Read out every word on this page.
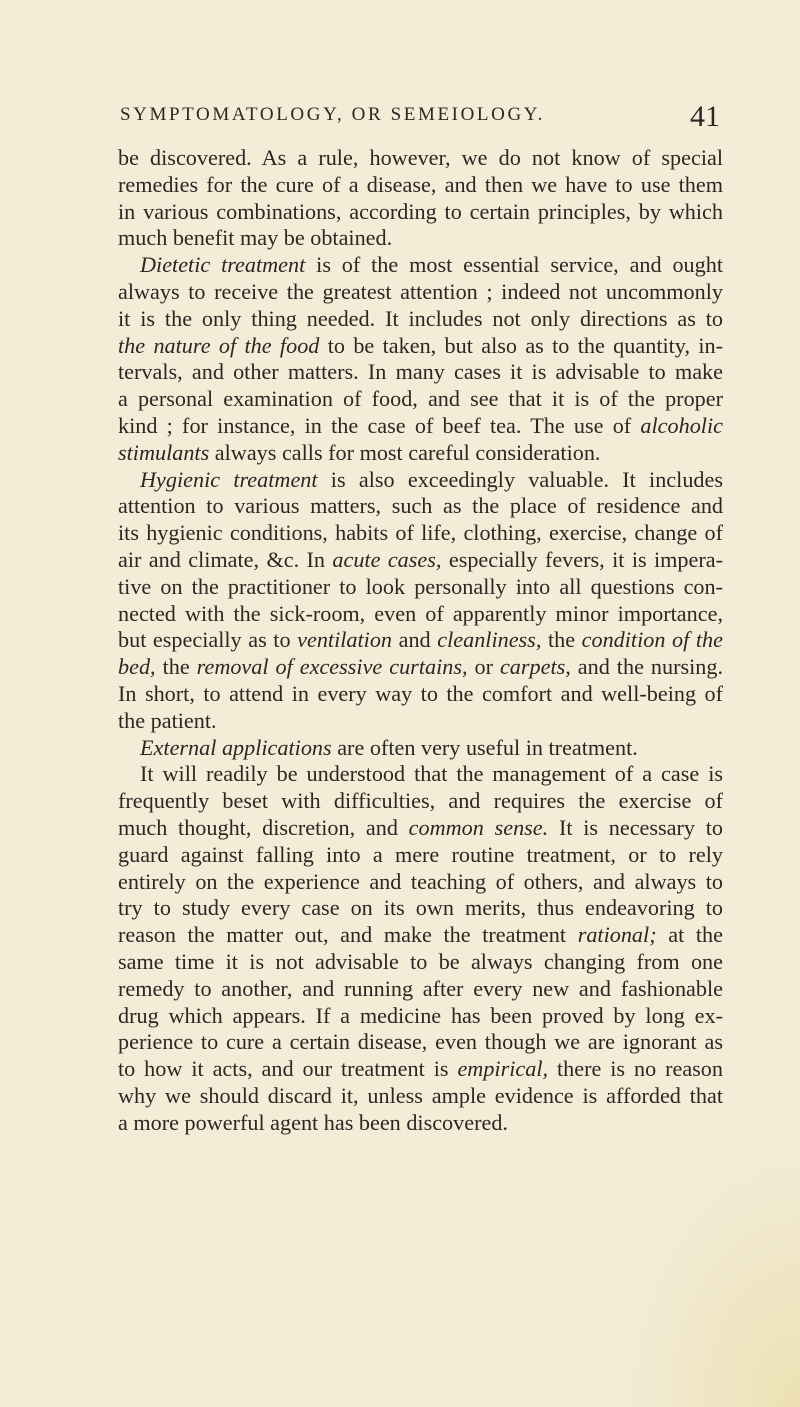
SYMPTOMATOLOGY, OR SEMEIOLOGY.	41
be discovered. As a rule, however, we do not know of special
remedies for the cure of a disease, and then we have to use them
in various combinations, according to certain principles, by which
much benefit may be obtained.
Dietetic treatment is of the most essential service, and ought
always to receive the greatest attention ; indeed not uncommonly
it is the only thing needed. It includes not only directions as to
the nature of the food to be taken, but also as to the quantity, in-
tervals, and other matters. In many cases it is advisable to make
a personal examination of food, and see that it is of the proper
kind ; for instance, in the case of beef tea. The use of alcoholic
stimulants always calls for most careful consideration.
Hygienic treatment is also exceedingly valuable. It includes
attention to various matters, such as the place of residence and
its hygienic conditions, habits of life, clothing, exercise, change of
air and climate, &c. In acute cases, especially fevers, it is impera-
tive on the practitioner to look personally into all questions con-
nected with the sick-room, even of apparently minor importance,
but especially as to ventilation and cleanliness, the condition of the
bed, the removal of excessive curtains, or carpets, and the nursing.
In short, to attend in every way to the comfort and well-being of
the patient.
External applications are often very useful in treatment.
It will readily be understood that the management of a case is
frequently beset with difficulties, and requires the exercise of
much thought, discretion, and common sense. It is necessary to
guard against falling into a mere routine treatment, or to rely
entirely on the experience and teaching of others, and always to
try to study every case on its own merits, thus endeavoring to
reason the matter out, and make the treatment rational; at the
same time it is not advisable to be always changing from one
remedy to another, and running after every new and fashionable
drug which appears. If a medicine has been proved by long ex-
perience to cure a certain disease, even though we are ignorant as
to how it acts, and our treatment is empirical, there is no reason
why we should discard it, unless ample evidence is afforded that
a more powerful agent has been discovered.
